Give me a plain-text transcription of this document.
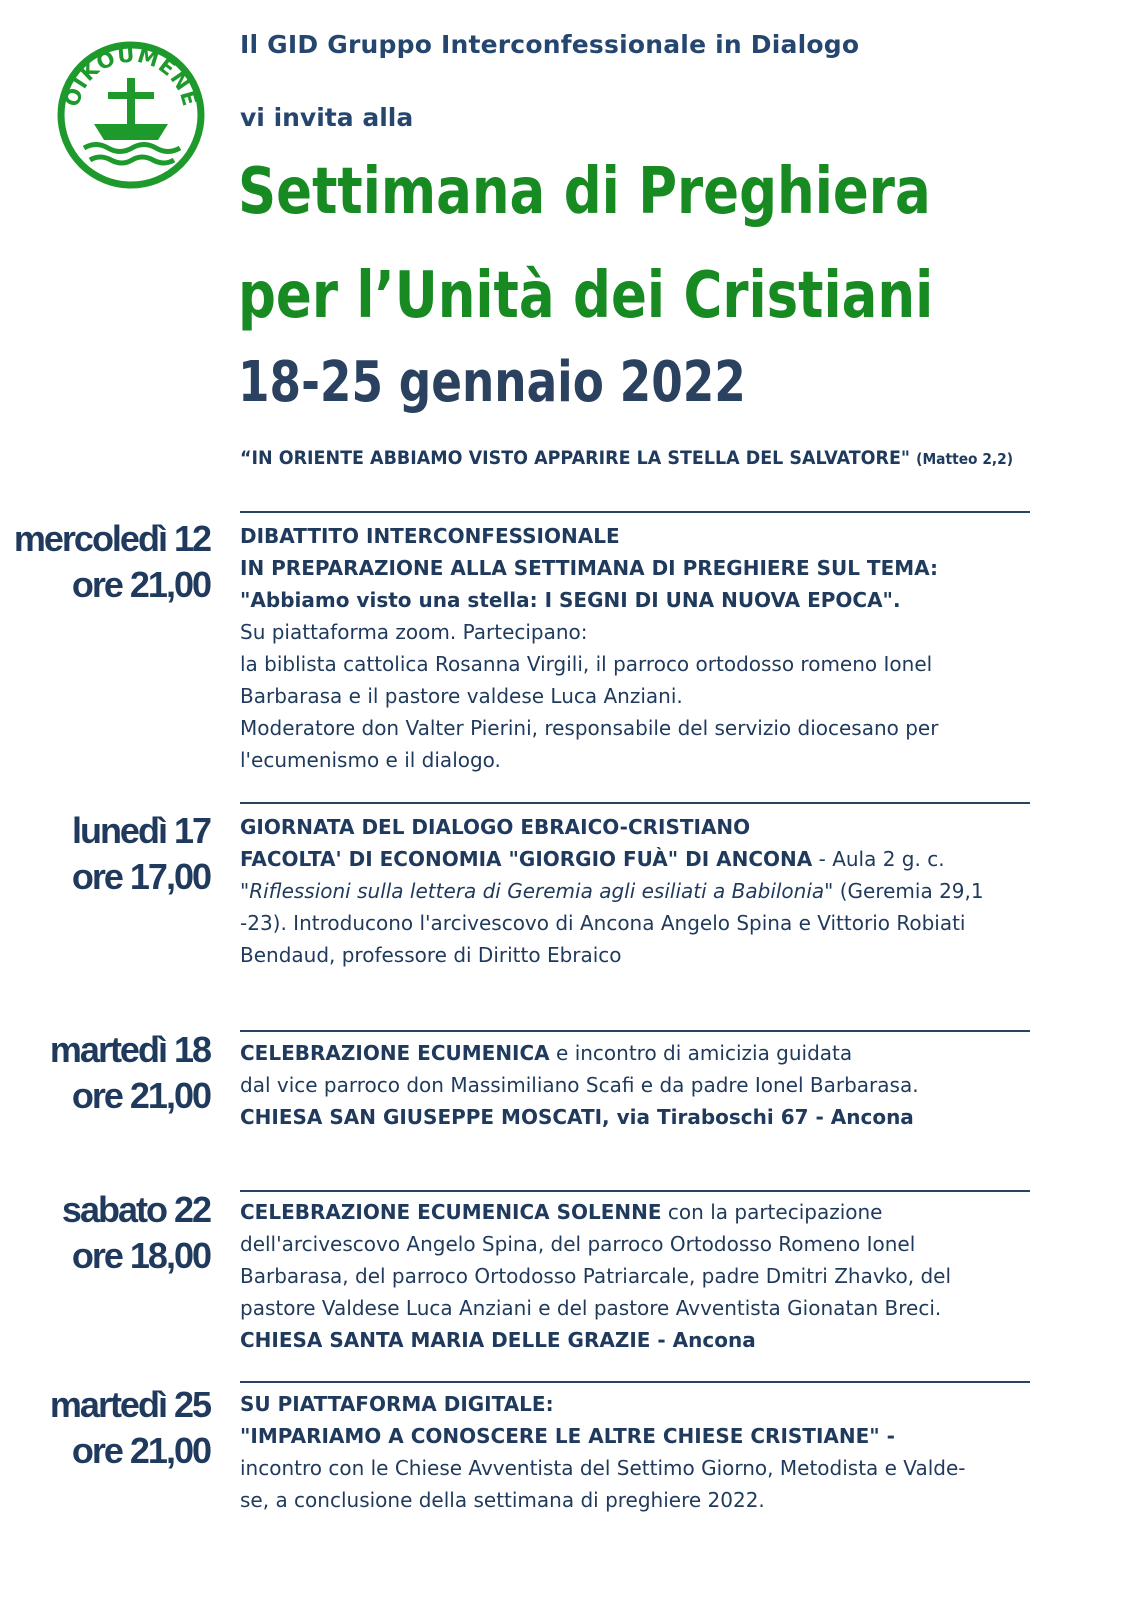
OIKOUMENE
Il GID Gruppo Interconfessionale in Dialogo
vi invita alla
Settimana di Preghiera
per l’Unità dei Cristiani
18-25 gennaio 2022
“IN ORIENTE ABBIAMO VISTO APPARIRE LA STELLA DEL SALVATORE" (Matteo 2,2)
mercoledì 12
ore 21,00
DIBATTITO INTERCONFESSIONALE
IN PREPARAZIONE ALLA SETTIMANA DI PREGHIERE SUL TEMA:
"Abbiamo visto una stella: I SEGNI DI UNA NUOVA EPOCA".
Su piattaforma zoom. Partecipano:
la biblista cattolica Rosanna Virgili, il parroco ortodosso romeno Ionel
Barbarasa e il pastore valdese Luca Anziani.
Moderatore don Valter Pierini, responsabile del servizio diocesano per
l'ecumenismo e il dialogo.
lunedì 17
ore 17,00
GIORNATA DEL DIALOGO EBRAICO-CRISTIANO
FACOLTA' DI ECONOMIA "GIORGIO FUÀ" DI ANCONA - Aula 2 g. c.
"Riflessioni sulla lettera di Geremia agli esiliati a Babilonia" (Geremia 29,1
-23). Introducono l'arcivescovo di Ancona Angelo Spina e Vittorio Robiati
Bendaud, professore di Diritto Ebraico
martedì 18
ore 21,00
CELEBRAZIONE ECUMENICA e incontro di amicizia guidata
dal vice parroco don Massimiliano Scafi e da padre Ionel Barbarasa.
CHIESA SAN GIUSEPPE MOSCATI, via Tiraboschi 67 - Ancona
sabato 22
ore 18,00
CELEBRAZIONE ECUMENICA SOLENNE con la partecipazione
dell'arcivescovo Angelo Spina, del parroco Ortodosso Romeno Ionel
Barbarasa, del parroco Ortodosso Patriarcale, padre Dmitri Zhavko, del
pastore Valdese Luca Anziani e del pastore Avventista Gionatan Breci.
CHIESA SANTA MARIA DELLE GRAZIE - Ancona
martedì 25
ore 21,00
SU PIATTAFORMA DIGITALE:
"IMPARIAMO A CONOSCERE LE ALTRE CHIESE CRISTIANE" -
incontro con le Chiese Avventista del Settimo Giorno, Metodista e Valde-
se, a conclusione della settimana di preghiere 2022.
